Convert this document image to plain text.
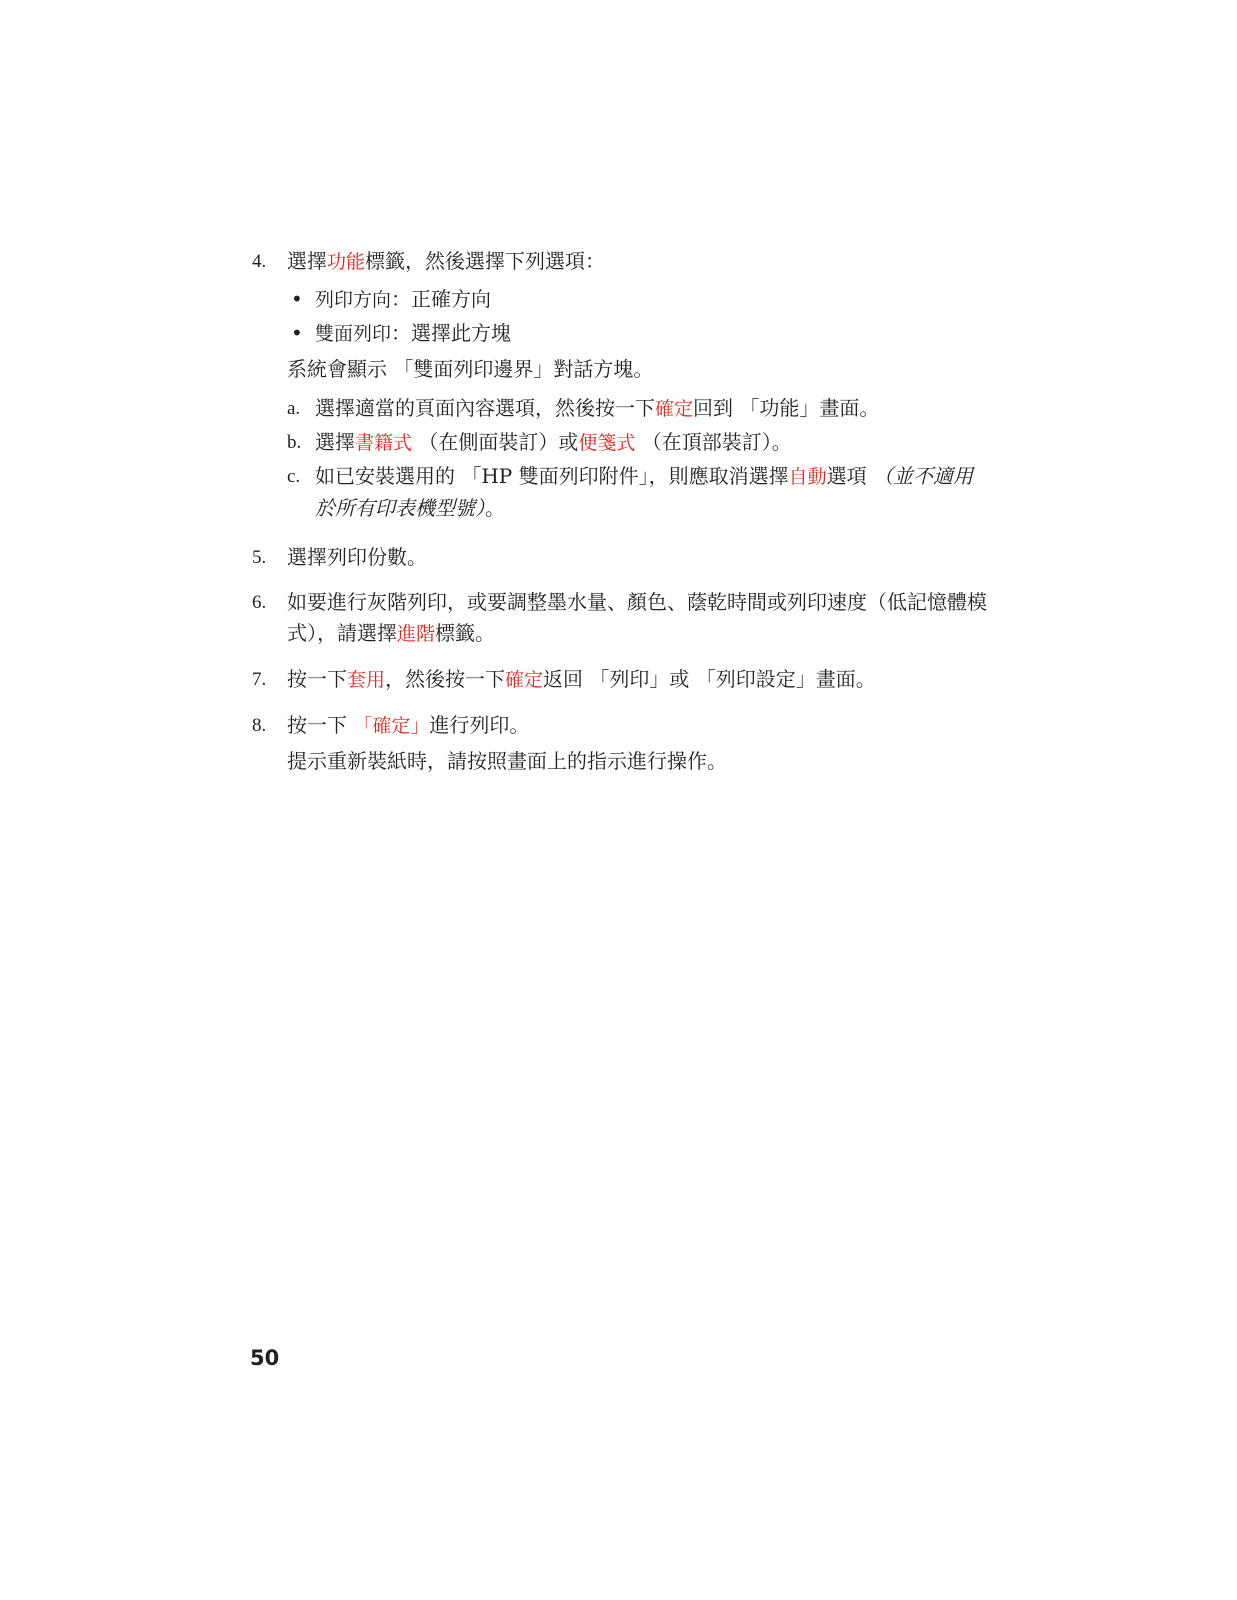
4. 選擇功能標籤，然後選擇下列選項：
• 列印方向：正確方向
• 雙面列印：選擇此方塊
系統會顯示 「雙面列印邊界」對話方塊。
a. 選擇適當的頁面內容選項，然後按一下確定回到 「功能」畫面。
b. 選擇書籍式 （在側面裝訂）或便箋式 （在頂部裝訂）。
c. 如已安裝選用的 「HP 雙面列印附件」，則應取消選擇自動選項 （並不適用於所有印表機型號）。
5. 選擇列印份數。
6. 如要進行灰階列印，或要調整墨水量、顏色、蔭乾時間或列印速度（低記憶體模式），請選擇進階標籤。
7. 按一下套用，然後按一下確定返回 「列印」或 「列印設定」畫面。
8. 按一下 「確定」進行列印。
提示重新裝紙時，請按照畫面上的指示進行操作。
50
